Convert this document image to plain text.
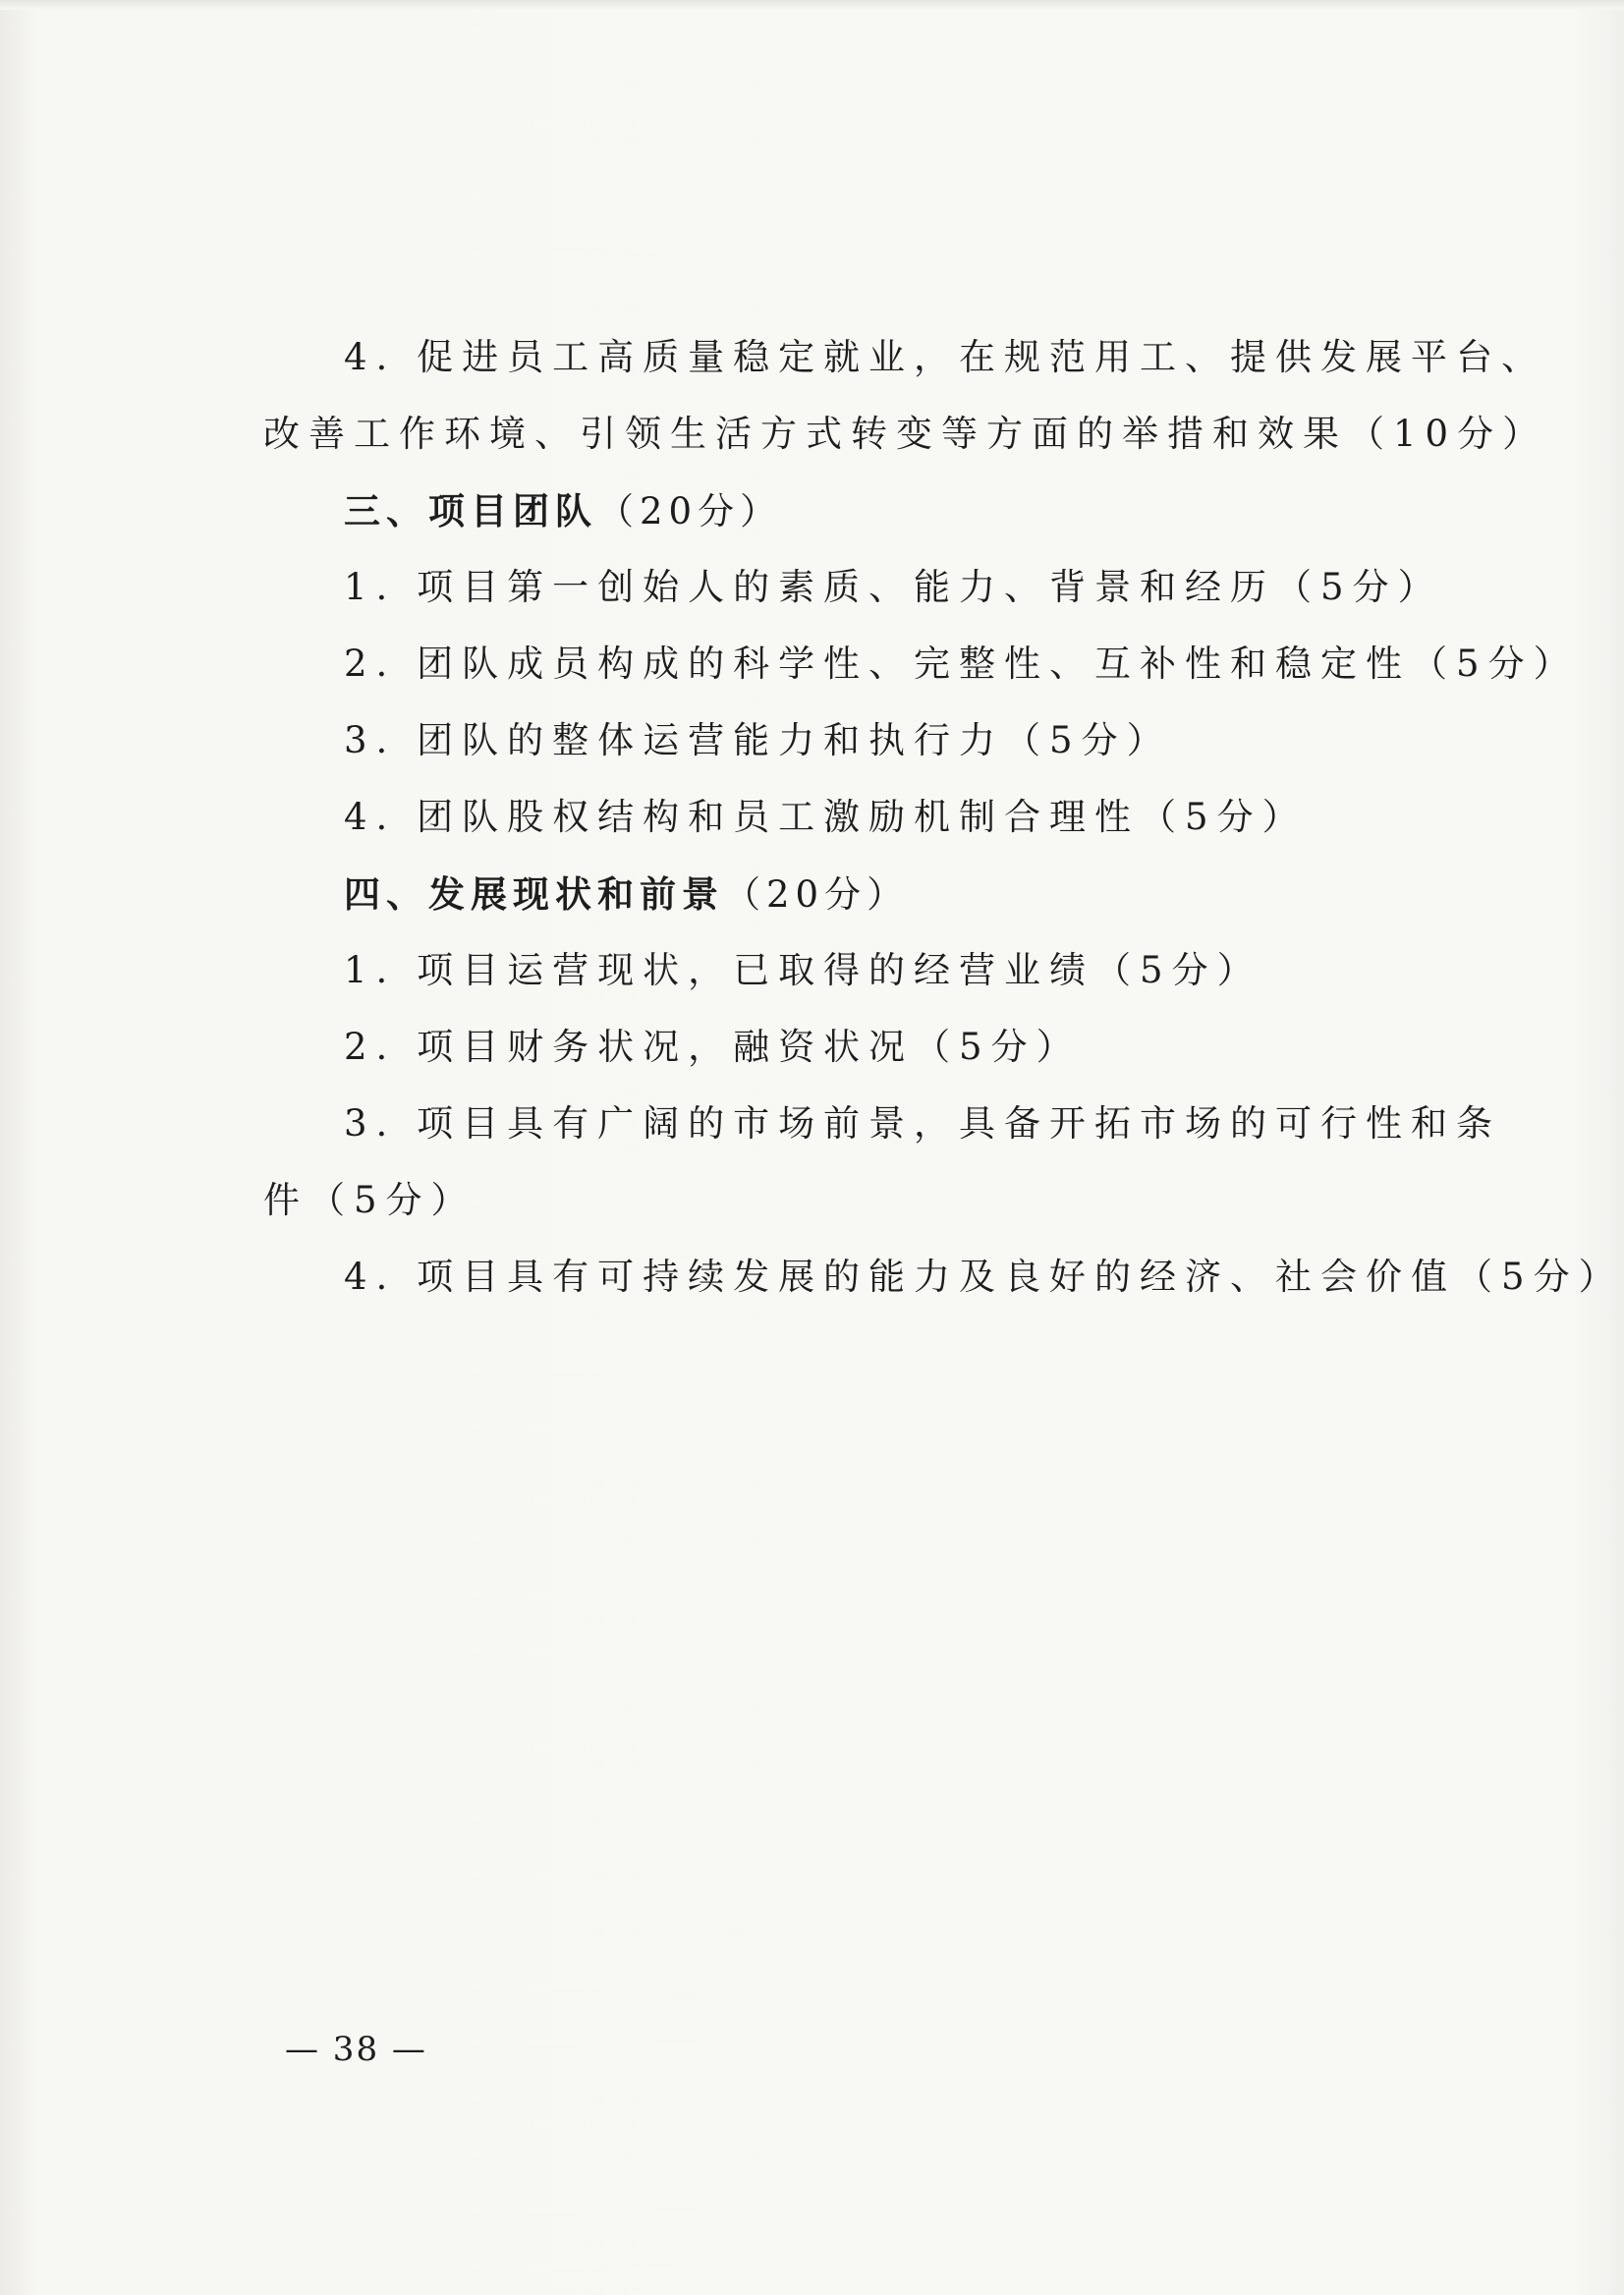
4. 促进员工高质量稳定就业，在规范用工、提供发展平台、
改善工作环境、引领生活方式转变等方面的举措和效果（10分）
三、项目团队（20分）
1. 项目第一创始人的素质、能力、背景和经历（5分）
2. 团队成员构成的科学性、完整性、互补性和稳定性（5分）
3. 团队的整体运营能力和执行力（5分）
4. 团队股权结构和员工激励机制合理性（5分）
四、发展现状和前景（20分）
1. 项目运营现状，已取得的经营业绩（5分）
2. 项目财务状况，融资状况（5分）
3. 项目具有广阔的市场前景，具备开拓市场的可行性和条
件（5分）
4. 项目具有可持续发展的能力及良好的经济、社会价值（5分）
— 38 —
